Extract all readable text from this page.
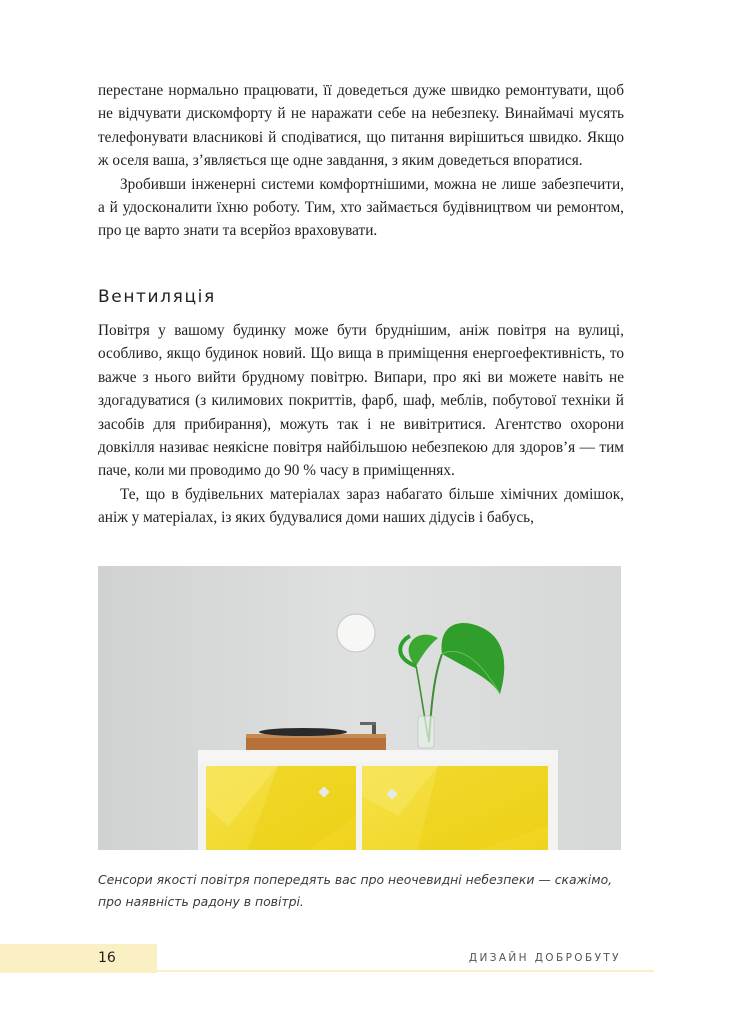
перестане нормально працювати, її доведеться дуже швидко ремонтувати, щоб не відчувати дискомфорту й не наражати себе на небезпеку. Винаймачі мусять телефонувати власникові й сподіватися, що питання вирішиться швидко. Якщо ж оселя ваша, з’являється ще одне завдання, з яким доведеться впоратися.

Зробивши інженерні системи комфортнішими, можна не лише забезпечити, а й удосконалити їхню роботу. Тим, хто займається будівництвом чи ремонтом, про це варто знати та всерйоз враховувати.

Вентиляція

Повітря у вашому будинку може бути бруднішим, аніж повітря на вулиці, особливо, якщо будинок новий. Що вища в приміщення енергоефективність, то важче з нього вийти брудному повітрю. Випари, про які ви можете навіть не здогадуватися (з килимових покриттів, фарб, шаф, меблів, побутової техніки й засобів для прибирання), можуть так і не вивітритися. Агентство охорони довкілля називає неякісне повітря найбільшою небезпекою для здоров’я — тим паче, коли ми проводимо до 90 % часу в приміщеннях.

Те, що в будівельних матеріалах зараз набагато більше хімічних домішок, аніж у матеріалах, із яких будувалися доми наших дідусів і бабусь,

Сенсори якості повітря попередять вас про неочевидні небезпеки — скажімо, про наявність радону в повітрі.

16	ДИЗАЙН ДОБРОБУТУ
